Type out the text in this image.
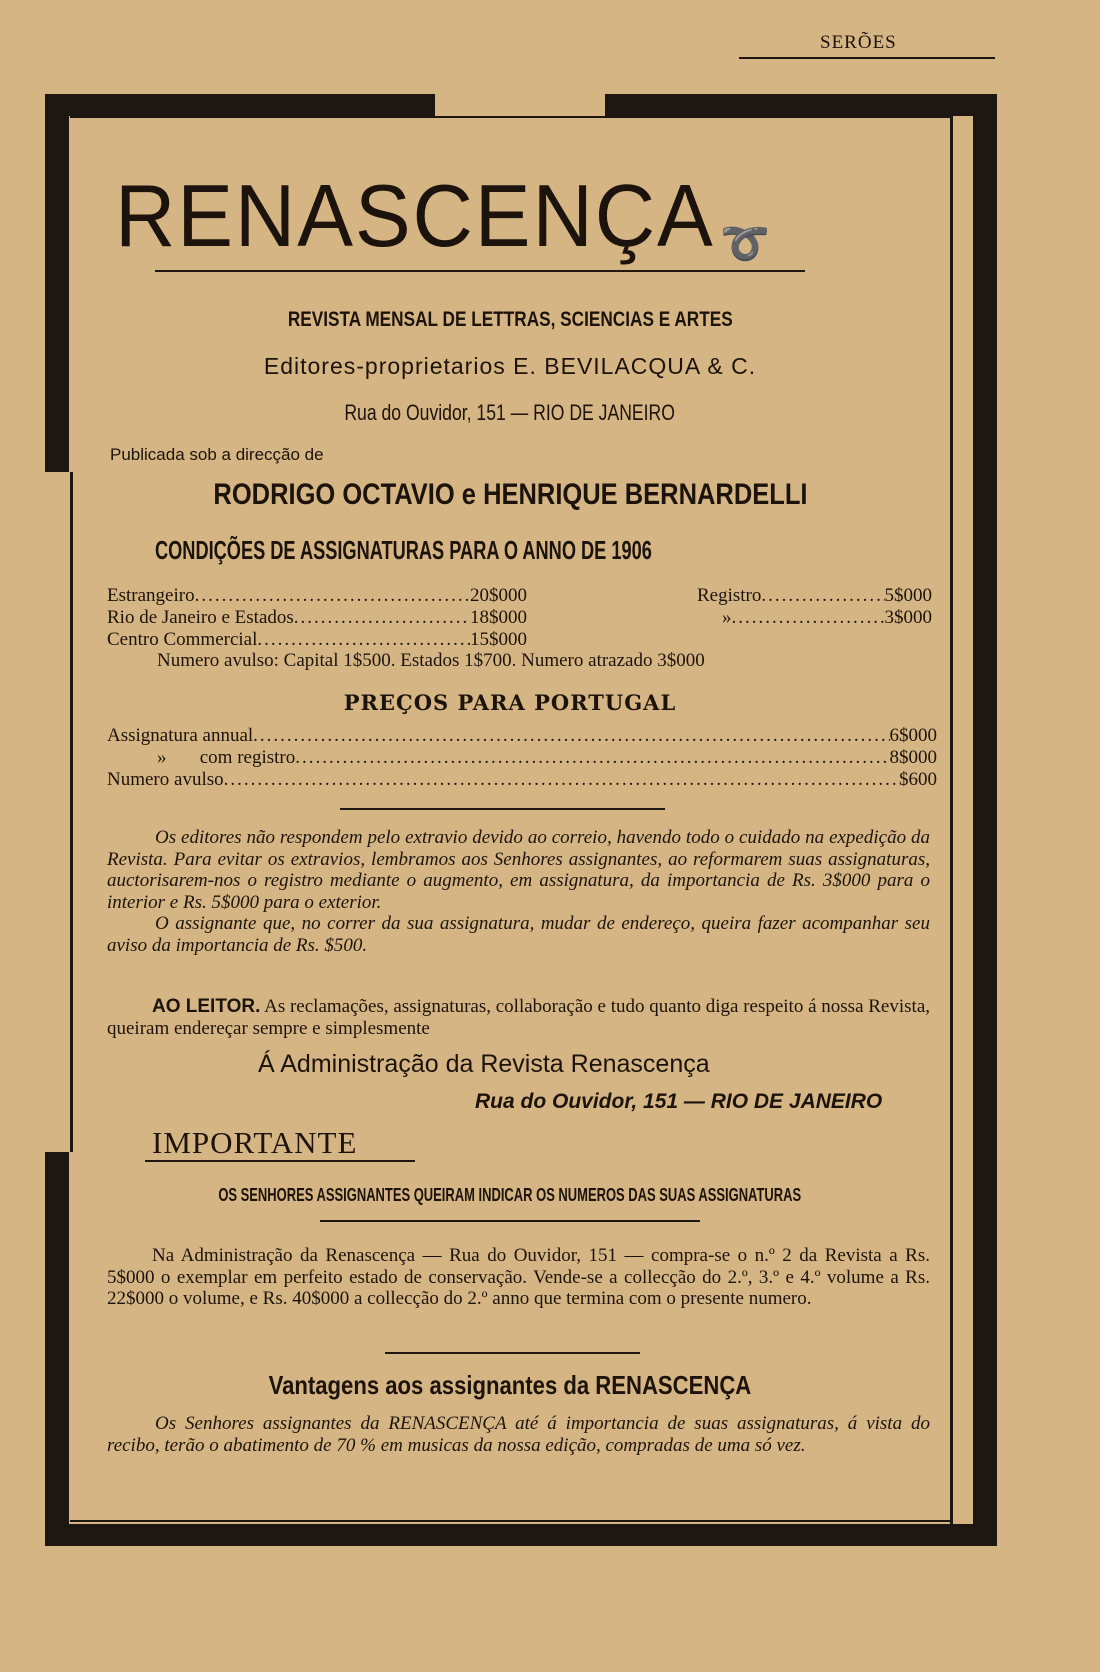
SERÕES
RENASCENÇA ➰
REVISTA MENSAL DE LETTRAS, SCIENCIAS E ARTES
Editores-proprietarios E. BEVILACQUA & C.
Rua do Ouvidor, 151 — RIO DE JANEIRO
Publicada sob a direcção de
RODRIGO OCTAVIO e HENRIQUE BERNARDELLI
CONDIÇÕES DE ASSIGNATURAS PARA O ANNO DE 1906
Estrangeiro .....	20$000
Rio de Janeiro e Estados .....	18$000
Centro Commercial .....	15$000
Registro .....	5$000
» .....	3$000
Numero avulso: Capital 1$500. Estados 1$700. Numero atrazado 3$000
PREÇOS PARA PORTUGAL
Assignatura annual .....	6$000
»       com registro .....	8$000
Numero avulso .....	$600
Os editores não respondem pelo extravio devido ao correio, havendo todo o cuidado na expedição da Revista. Para evitar os extravios, lembramos aos Senhores assignantes, ao reformarem suas assignaturas, auctorisarem-nos o registro mediante o augmento, em assignatura, da importancia de Rs. 3$000 para o interior e Rs. 5$000 para o exterior.
O assignante que, no correr da sua assignatura, mudar de endereço, queira fazer acompanhar seu aviso da importancia de Rs. $500.
AO LEITOR. As reclamações, assignaturas, collaboração e tudo quanto diga respeito á nossa Revista, queiram endereçar sempre e simplesmente
Á Administração da Revista Renascença
Rua do Ouvidor, 151 — RIO DE JANEIRO
IMPORTANTE
OS SENHORES ASSIGNANTES QUEIRAM INDICAR OS NUMEROS DAS SUAS ASSIGNATURAS
Na Administração da Renascença — Rua do Ouvidor, 151 — compra-se o n.º 2 da Revista a Rs. 5$000 o exemplar em perfeito estado de conservação. Vende-se a collecção do 2.º, 3.º e 4.º volume a Rs. 22$000 o volume, e Rs. 40$000 a collecção do 2.º anno que termina com o presente numero.
Vantagens aos assignantes da RENASCENÇA
Os Senhores assignantes da RENASCENÇA até á importancia de suas assignaturas, á vista do recibo, terão o abatimento de 70 % em musicas da nossa edição, compradas de uma só vez.
